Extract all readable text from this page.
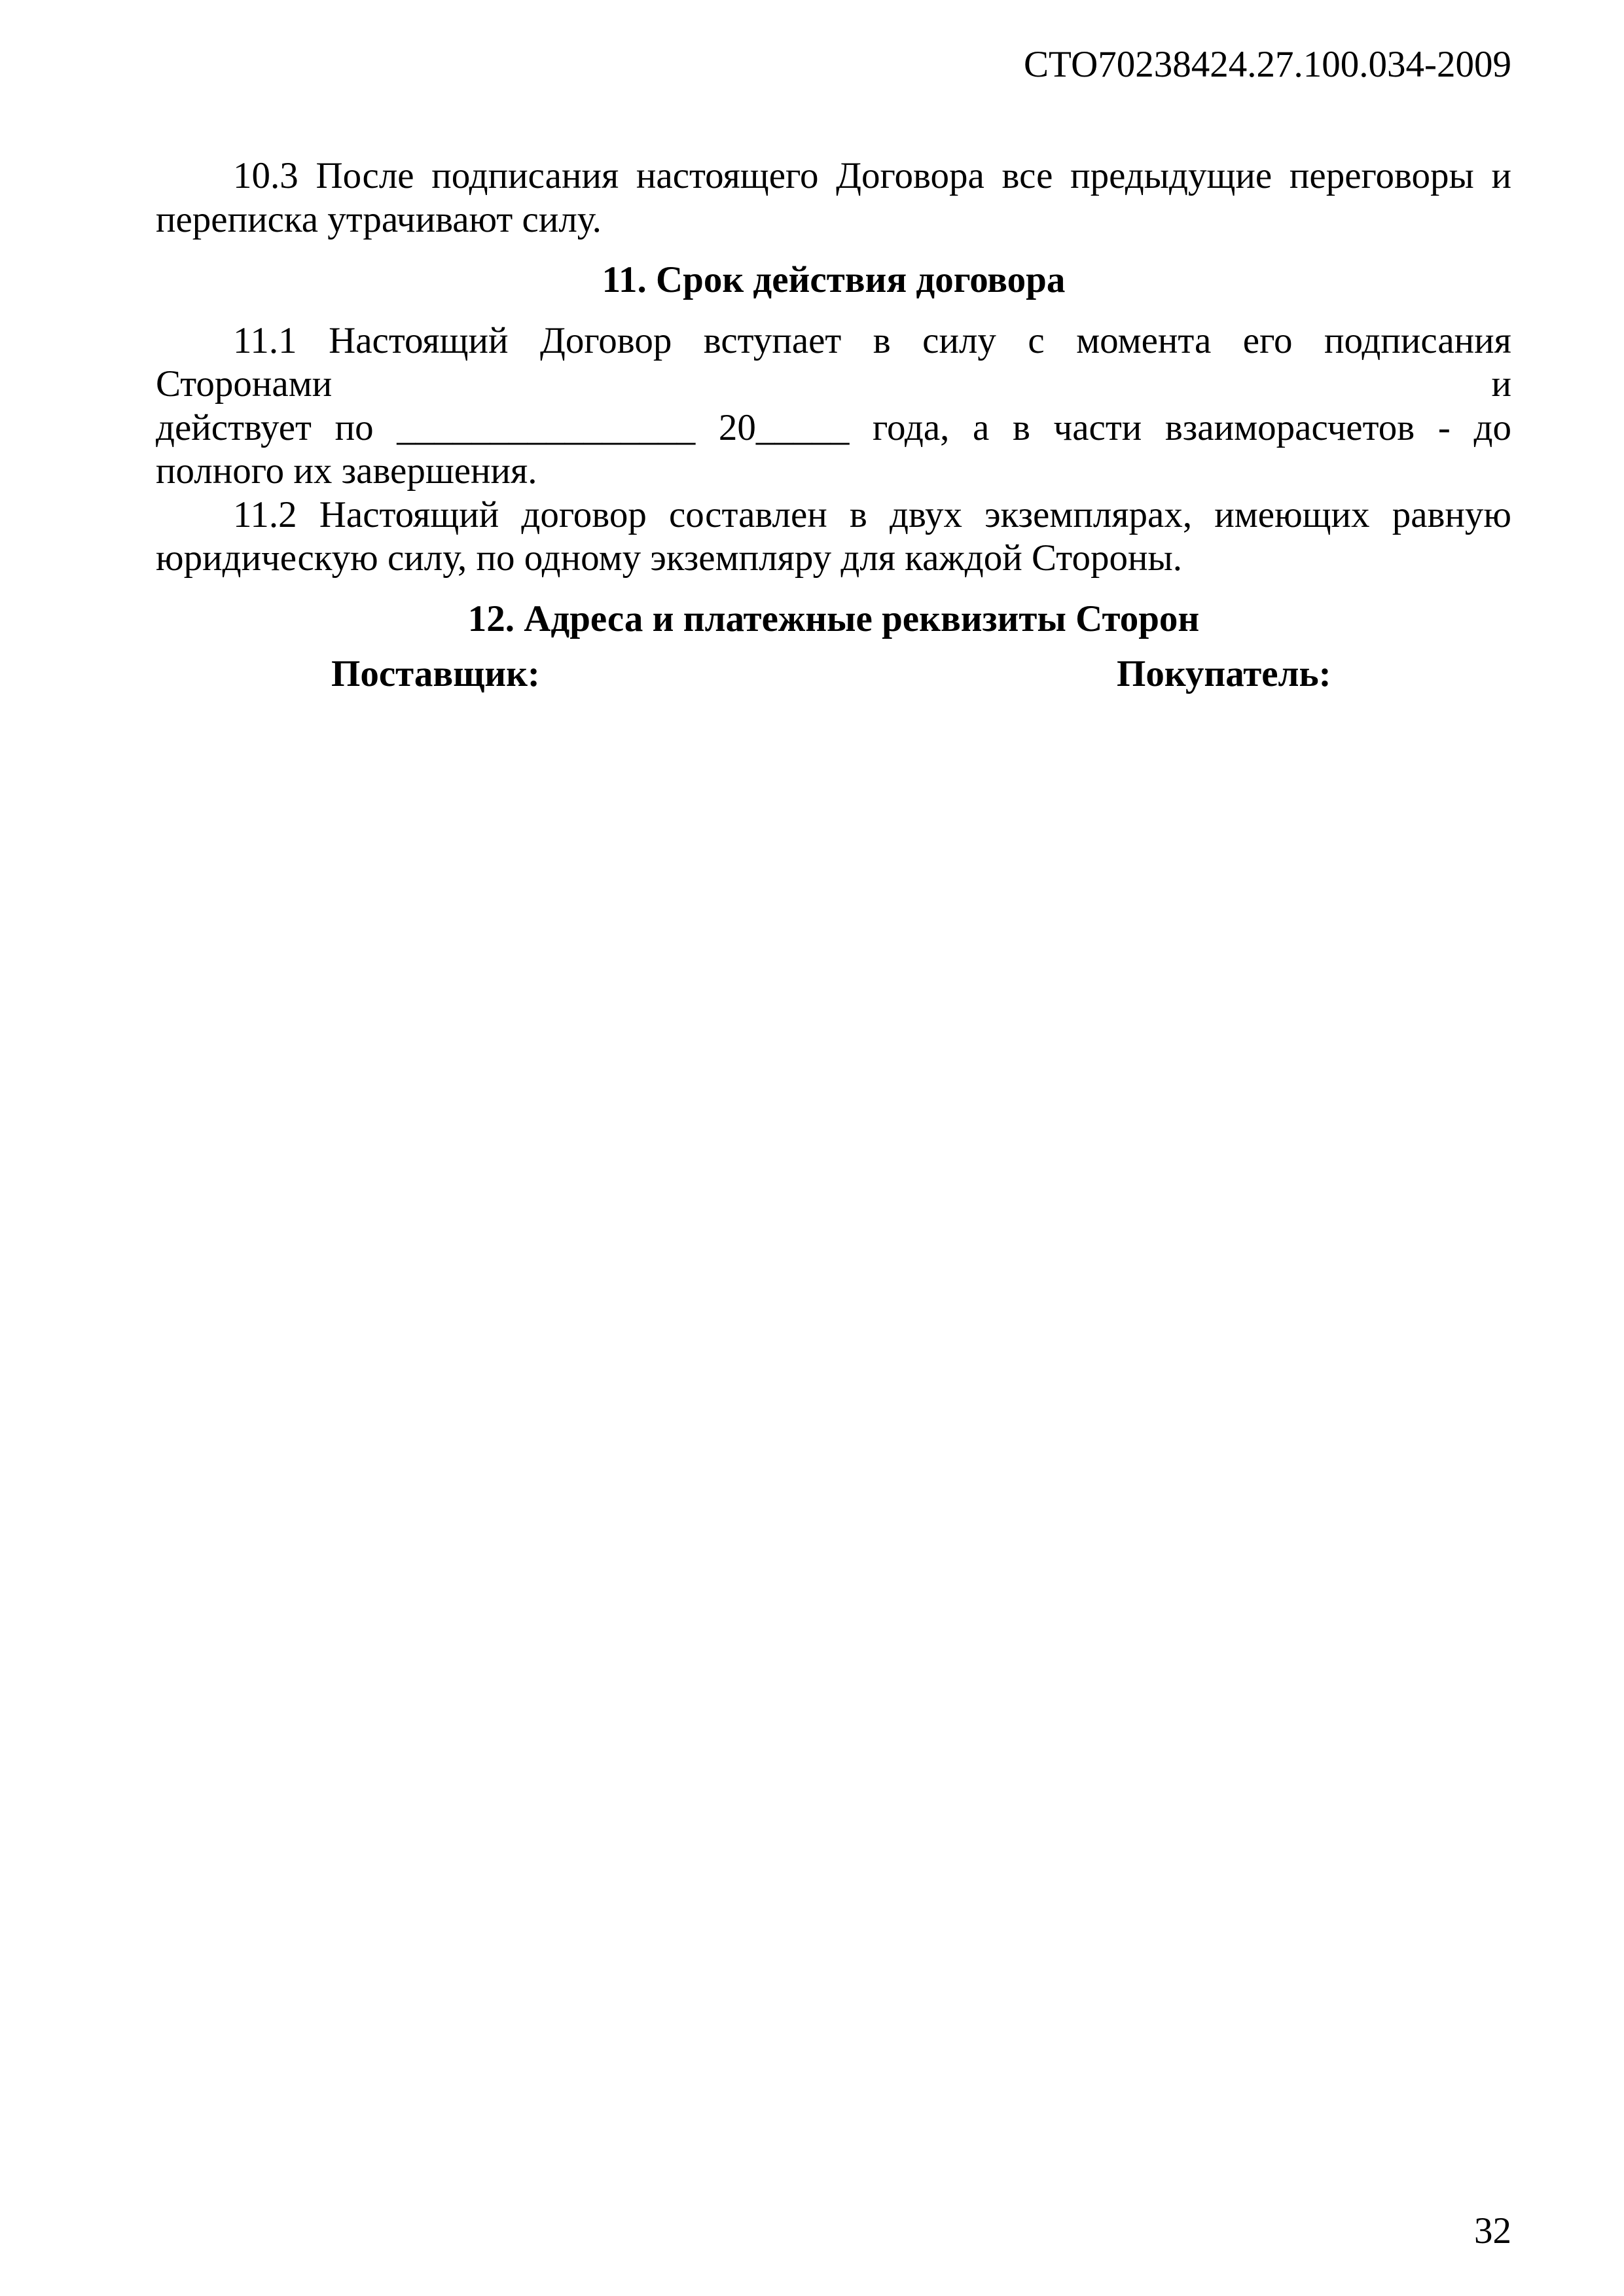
СТО70238424.27.100.034-2009

10.3 После подписания настоящего Договора все предыдущие переговоры и переписка утрачивают силу.

11. Срок действия договора
11.1 Настоящий Договор вступает в силу с момента его подписания
Сторонами	и
действует по ________________ 20_____ года, а в части взаиморасчетов - до
полного их завершения.

11.2 Настоящий договор составлен в двух экземплярах, имеющих равную юридическую силу, по одному экземпляру для каждой Стороны.

12. Адреса и платежные реквизиты Сторон
Поставщик:	Покупатель:
32
